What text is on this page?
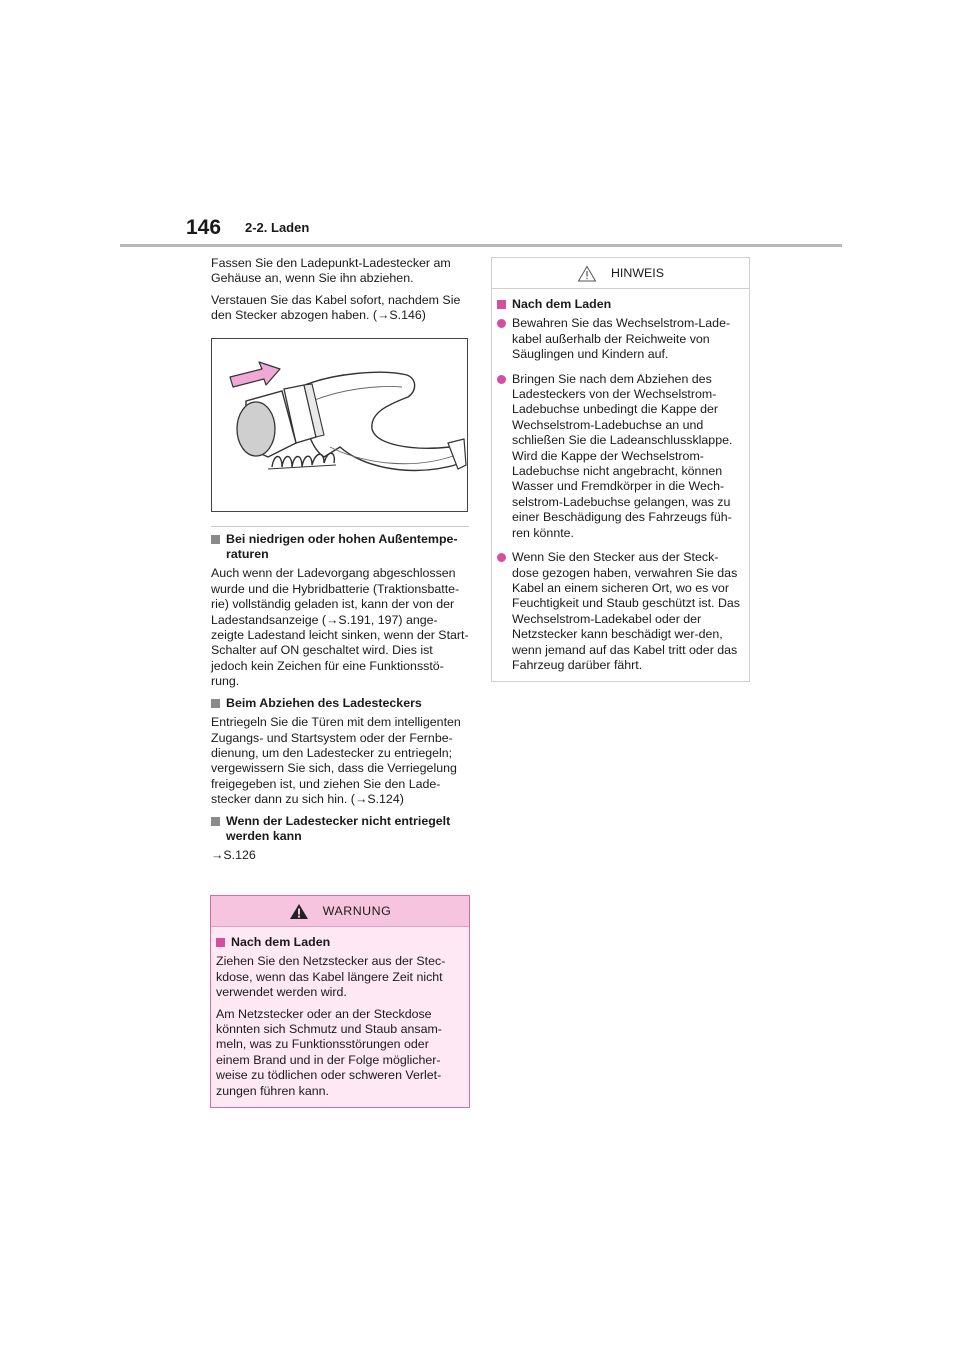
146 2-2. Laden

Fassen Sie den Ladepunkt-Ladestecker am Gehäuse an, wenn Sie ihn abziehen.

Verstauen Sie das Kabel sofort, nachdem Sie den Stecker abzogen haben. (→S.146)

Bei niedrigen oder hohen Außentempe-raturen

Auch wenn der Ladevorgang abgeschlossen wurde und die Hybridbatterie (Traktionsbatte-rie) vollständig geladen ist, kann der von der Ladestandsanzeige (→S.191, 197) ange-zeigte Ladestand leicht sinken, wenn der Start-Schalter auf ON geschaltet wird. Dies ist jedoch kein Zeichen für eine Funktionsstö-rung.

Beim Abziehen des Ladesteckers

Entriegeln Sie die Türen mit dem intelligenten Zugangs- und Startsystem oder der Fernbe-dienung, um den Ladestecker zu entriegeln; vergewissern Sie sich, dass die Verriegelung freigegeben ist, und ziehen Sie den Lade-stecker dann zu sich hin. (→S.124)

Wenn der Ladestecker nicht entriegelt werden kann

→S.126

WARNUNG
Nach dem Laden

Ziehen Sie den Netzstecker aus der Stec-kdose, wenn das Kabel längere Zeit nicht verwendet werden wird.

Am Netzstecker oder an der Steckdose könnten sich Schmutz und Staub ansam-meln, was zu Funktionsstörungen oder einem Brand und in der Folge möglicher-weise zu tödlichen oder schweren Verlet-zungen führen kann.

HINWEIS
Nach dem Laden

Bewahren Sie das Wechselstrom-Lade-kabel außerhalb der Reichweite von Säuglingen und Kindern auf.

Bringen Sie nach dem Abziehen des Ladesteckers von der Wechselstrom-Ladebuchse unbedingt die Kappe der Wechselstrom-Ladebuchse an und schließen Sie die Ladeanschlussklappe. Wird die Kappe der Wechselstrom-Ladebuchse nicht angebracht, können Wasser und Fremdkörper in die Wech-selstrom-Ladebuchse gelangen, was zu einer Beschädigung des Fahrzeugs füh-ren könnte.

Wenn Sie den Stecker aus der Steck-dose gezogen haben, verwahren Sie das Kabel an einem sicheren Ort, wo es vor Feuchtigkeit und Staub geschützt ist. Das Wechselstrom-Ladekabel oder der Netzstecker kann beschädigt wer-den, wenn jemand auf das Kabel tritt oder das Fahrzeug darüber fährt.
